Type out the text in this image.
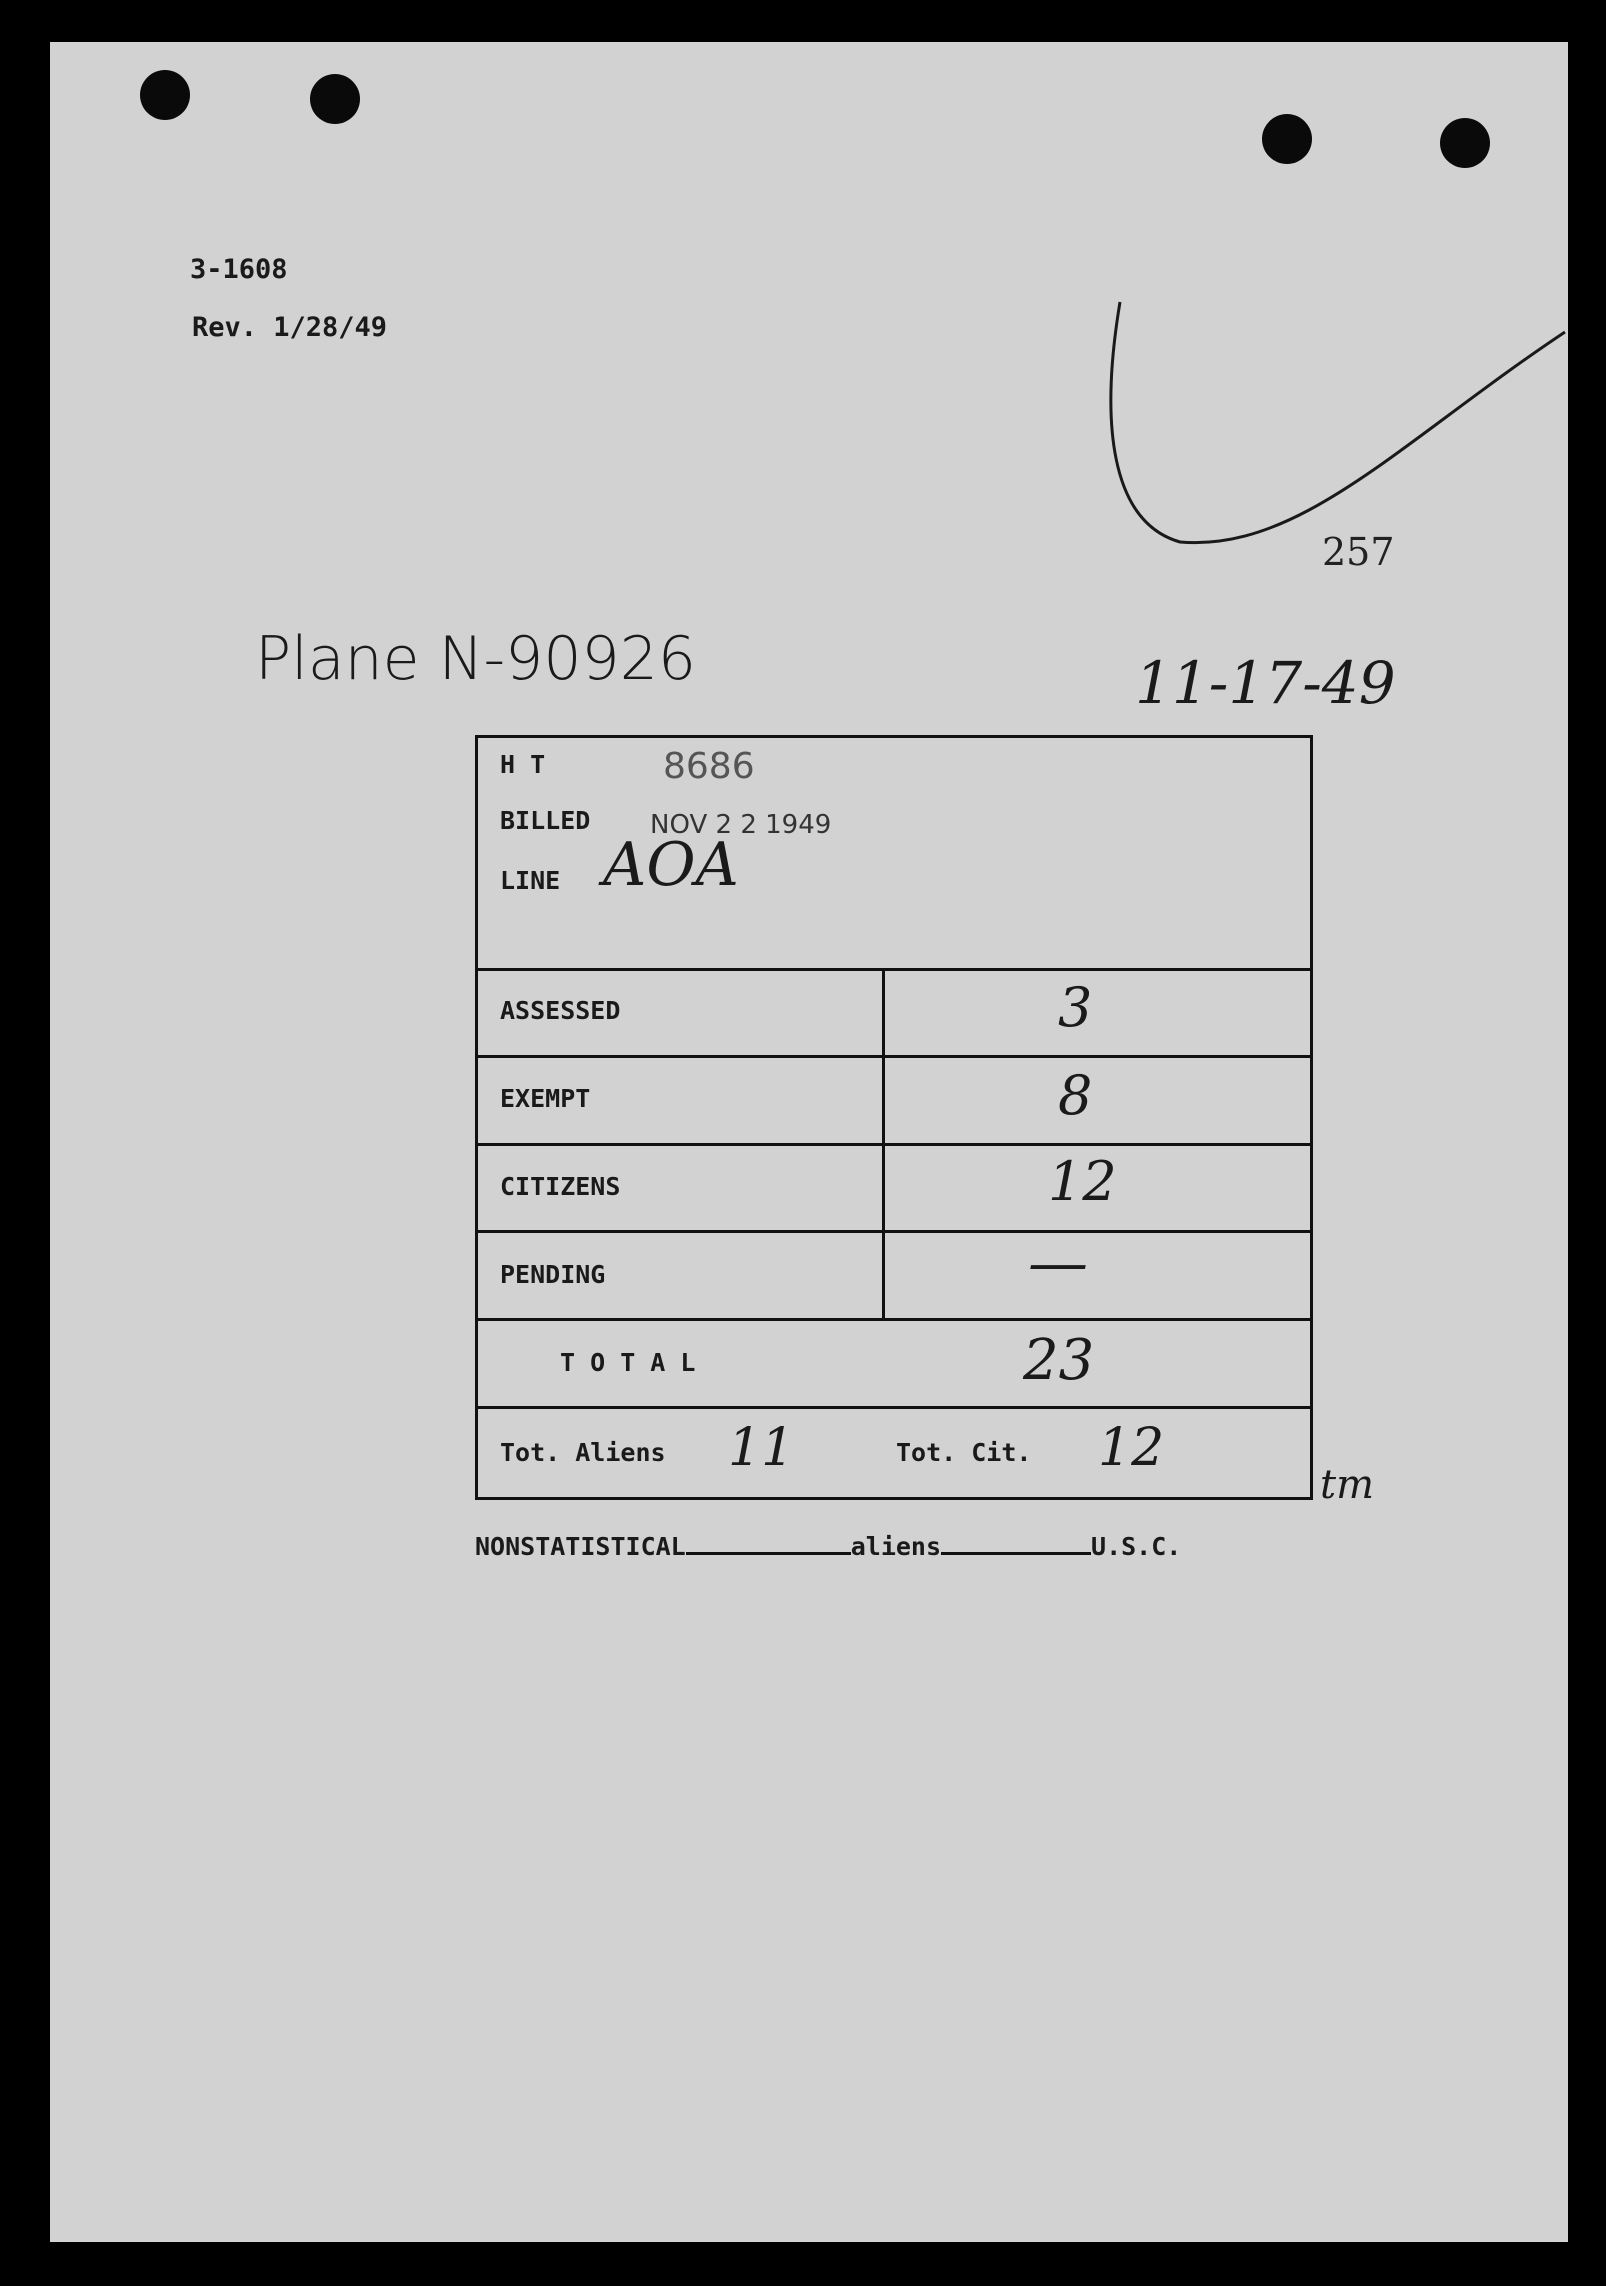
3-1608
Rev. 1/28/49
257
Plane N-90926	11-17-49
H T	8686
BILLED NOV 2 2 1949
LINE AOA
ASSESSED	3
EXEMPT	8
CITIZENS	12
PENDING	—
T O T A L	23
Tot. Aliens 11	Tot. Cit. 12
tm
NONSTATISTICAL	aliens	U.S.C.
